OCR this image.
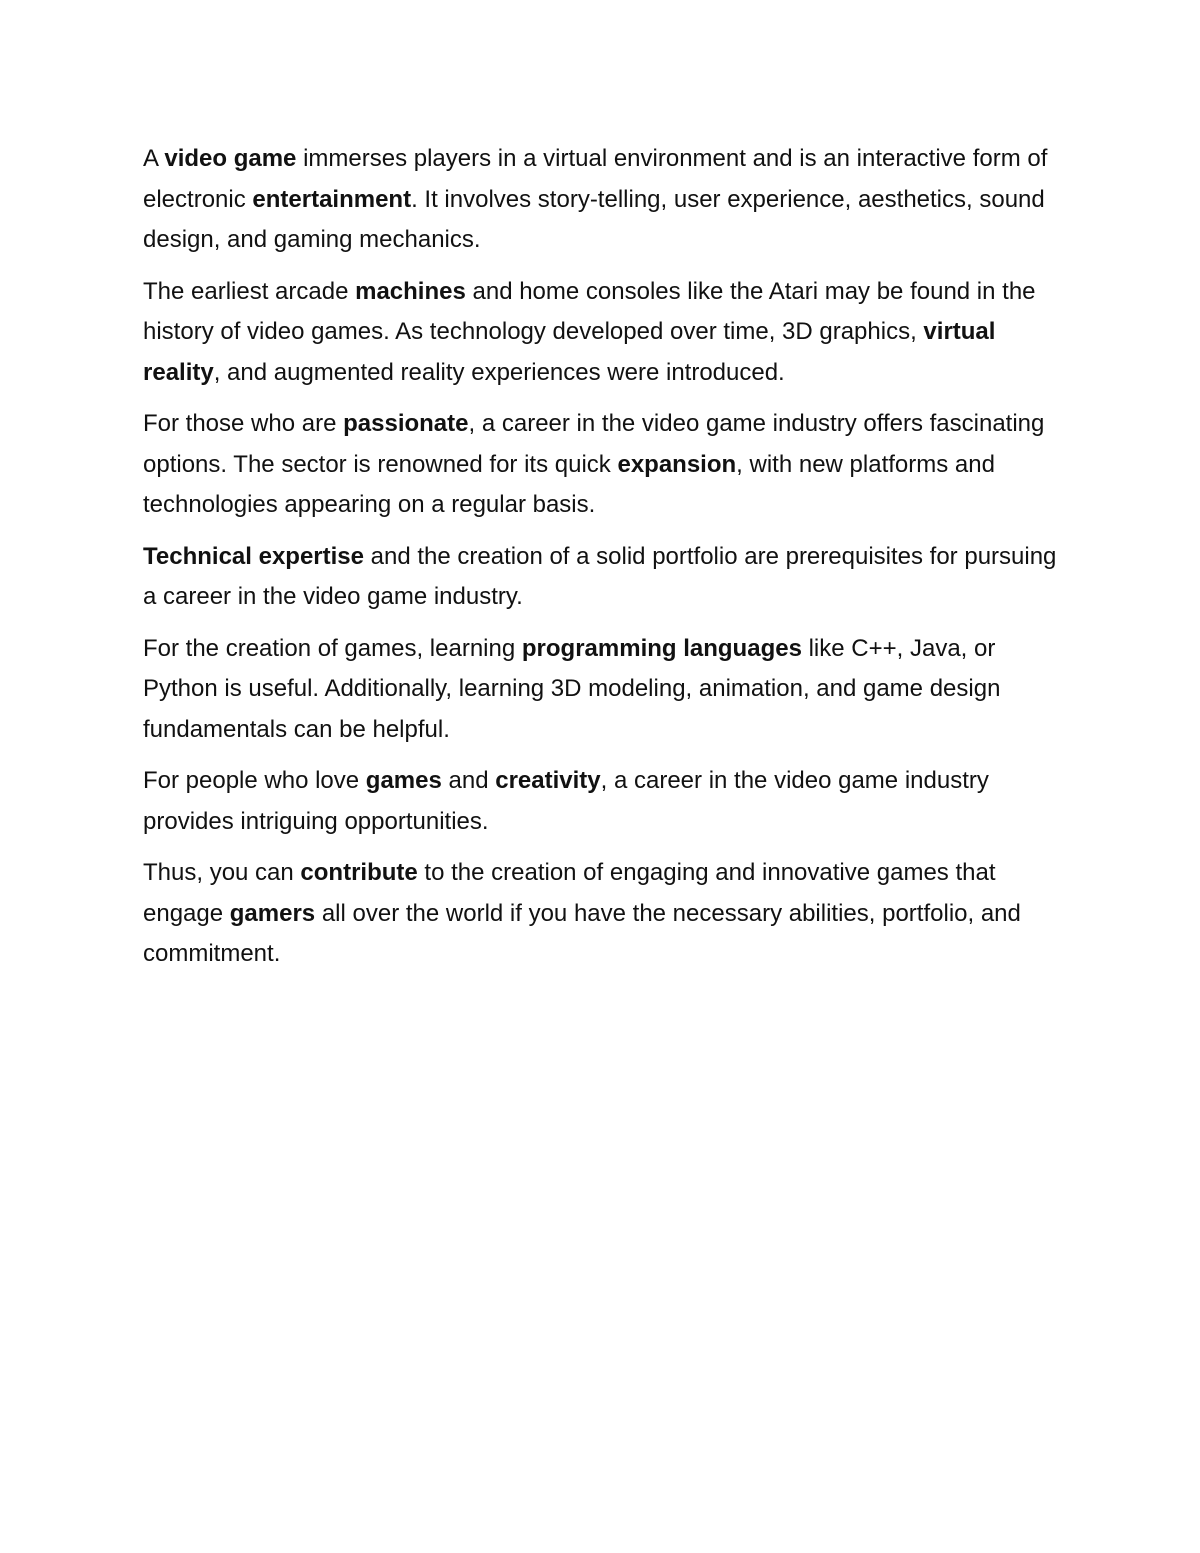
A video game immerses players in a virtual environment and is an interactive form of electronic entertainment. It involves story-telling, user experience, aesthetics, sound design, and gaming mechanics.

The earliest arcade machines and home consoles like the Atari may be found in the history of video games. As technology developed over time, 3D graphics, virtual reality, and augmented reality experiences were introduced.

For those who are passionate, a career in the video game industry offers fascinating options. The sector is renowned for its quick expansion, with new platforms and technologies appearing on a regular basis.

Technical expertise and the creation of a solid portfolio are prerequisites for pursuing a career in the video game industry.

For the creation of games, learning programming languages like C++, Java, or Python is useful. Additionally, learning 3D modeling, animation, and game design fundamentals can be helpful.

For people who love games and creativity, a career in the video game industry provides intriguing opportunities.

Thus, you can contribute to the creation of engaging and innovative games that engage gamers all over the world if you have the necessary abilities, portfolio, and commitment.
